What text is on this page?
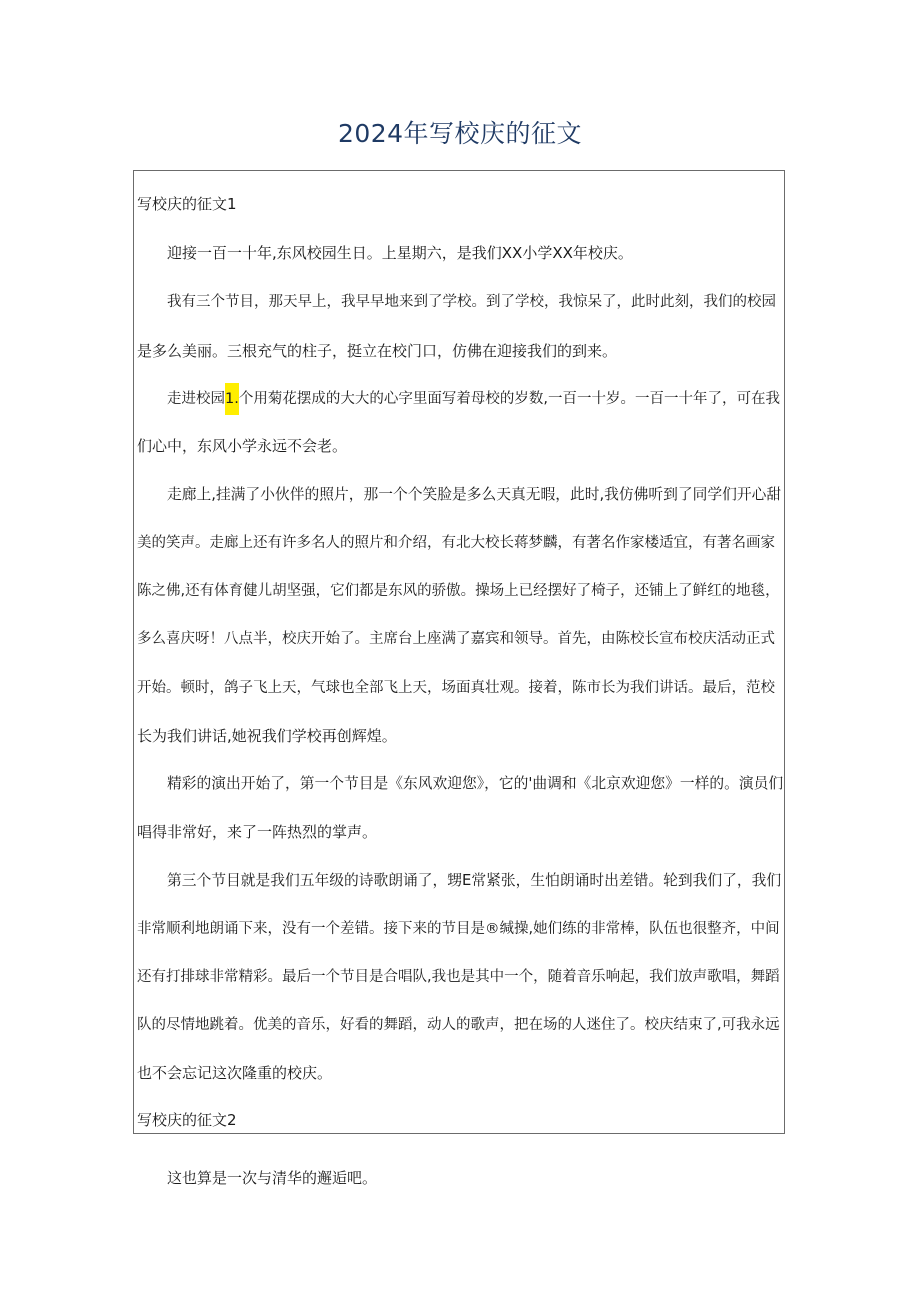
2024年写校庆的征文
写校庆的征文1
迎接一百一十年,东风校园生日。上星期六，是我们XX小学XX年校庆。
我有三个节目，那天早上，我早早地来到了学校。到了学校，我惊呆了，此时此刻，我们的校园
是多么美丽。三根充气的柱子，挺立在校门口，仿佛在迎接我们的到来。
走进校园1.个用菊花摆成的大大的心字里面写着母校的岁数,一百一十岁。一百一十年了，可在我
们心中，东风小学永远不会老。
走廊上,挂满了小伙伴的照片，那一个个笑脸是多么天真无暇，此时,我仿佛听到了同学们开心甜
美的笑声。走廊上还有许多名人的照片和介绍，有北大校长蒋梦麟，有著名作家楼适宜，有著名画家
陈之佛,还有体育健儿胡坚强，它们都是东风的骄傲。操场上已经摆好了椅子，还铺上了鲜红的地毯，
多么喜庆呀！八点半，校庆开始了。主席台上座满了嘉宾和领导。首先，由陈校长宣布校庆活动正式
开始。顿时，鸽子飞上天，气球也全部飞上天，场面真壮观。接着，陈市长为我们讲话。最后，范校
长为我们讲话,她祝我们学校再创辉煌。
精彩的演出开始了，第一个节目是《东风欢迎您》，它的'曲调和《北京欢迎您》一样的。演员们
唱得非常好，来了一阵热烈的掌声。
第三个节目就是我们五年级的诗歌朗诵了，甥E常紧张，生怕朗诵时出差错。轮到我们了，我们
非常顺利地朗诵下来，没有一个差错。接下来的节目是®缄操,她们练的非常棒，队伍也很整齐，中间
还有打排球非常精彩。最后一个节目是合唱队,我也是其中一个，随着音乐响起，我们放声歌唱，舞蹈
队的尽情地跳着。优美的音乐，好看的舞蹈，动人的歌声，把在场的人迷住了。校庆结束了,可我永远
也不会忘记这次隆重的校庆。
写校庆的征文2
这也算是一次与清华的邂逅吧。
